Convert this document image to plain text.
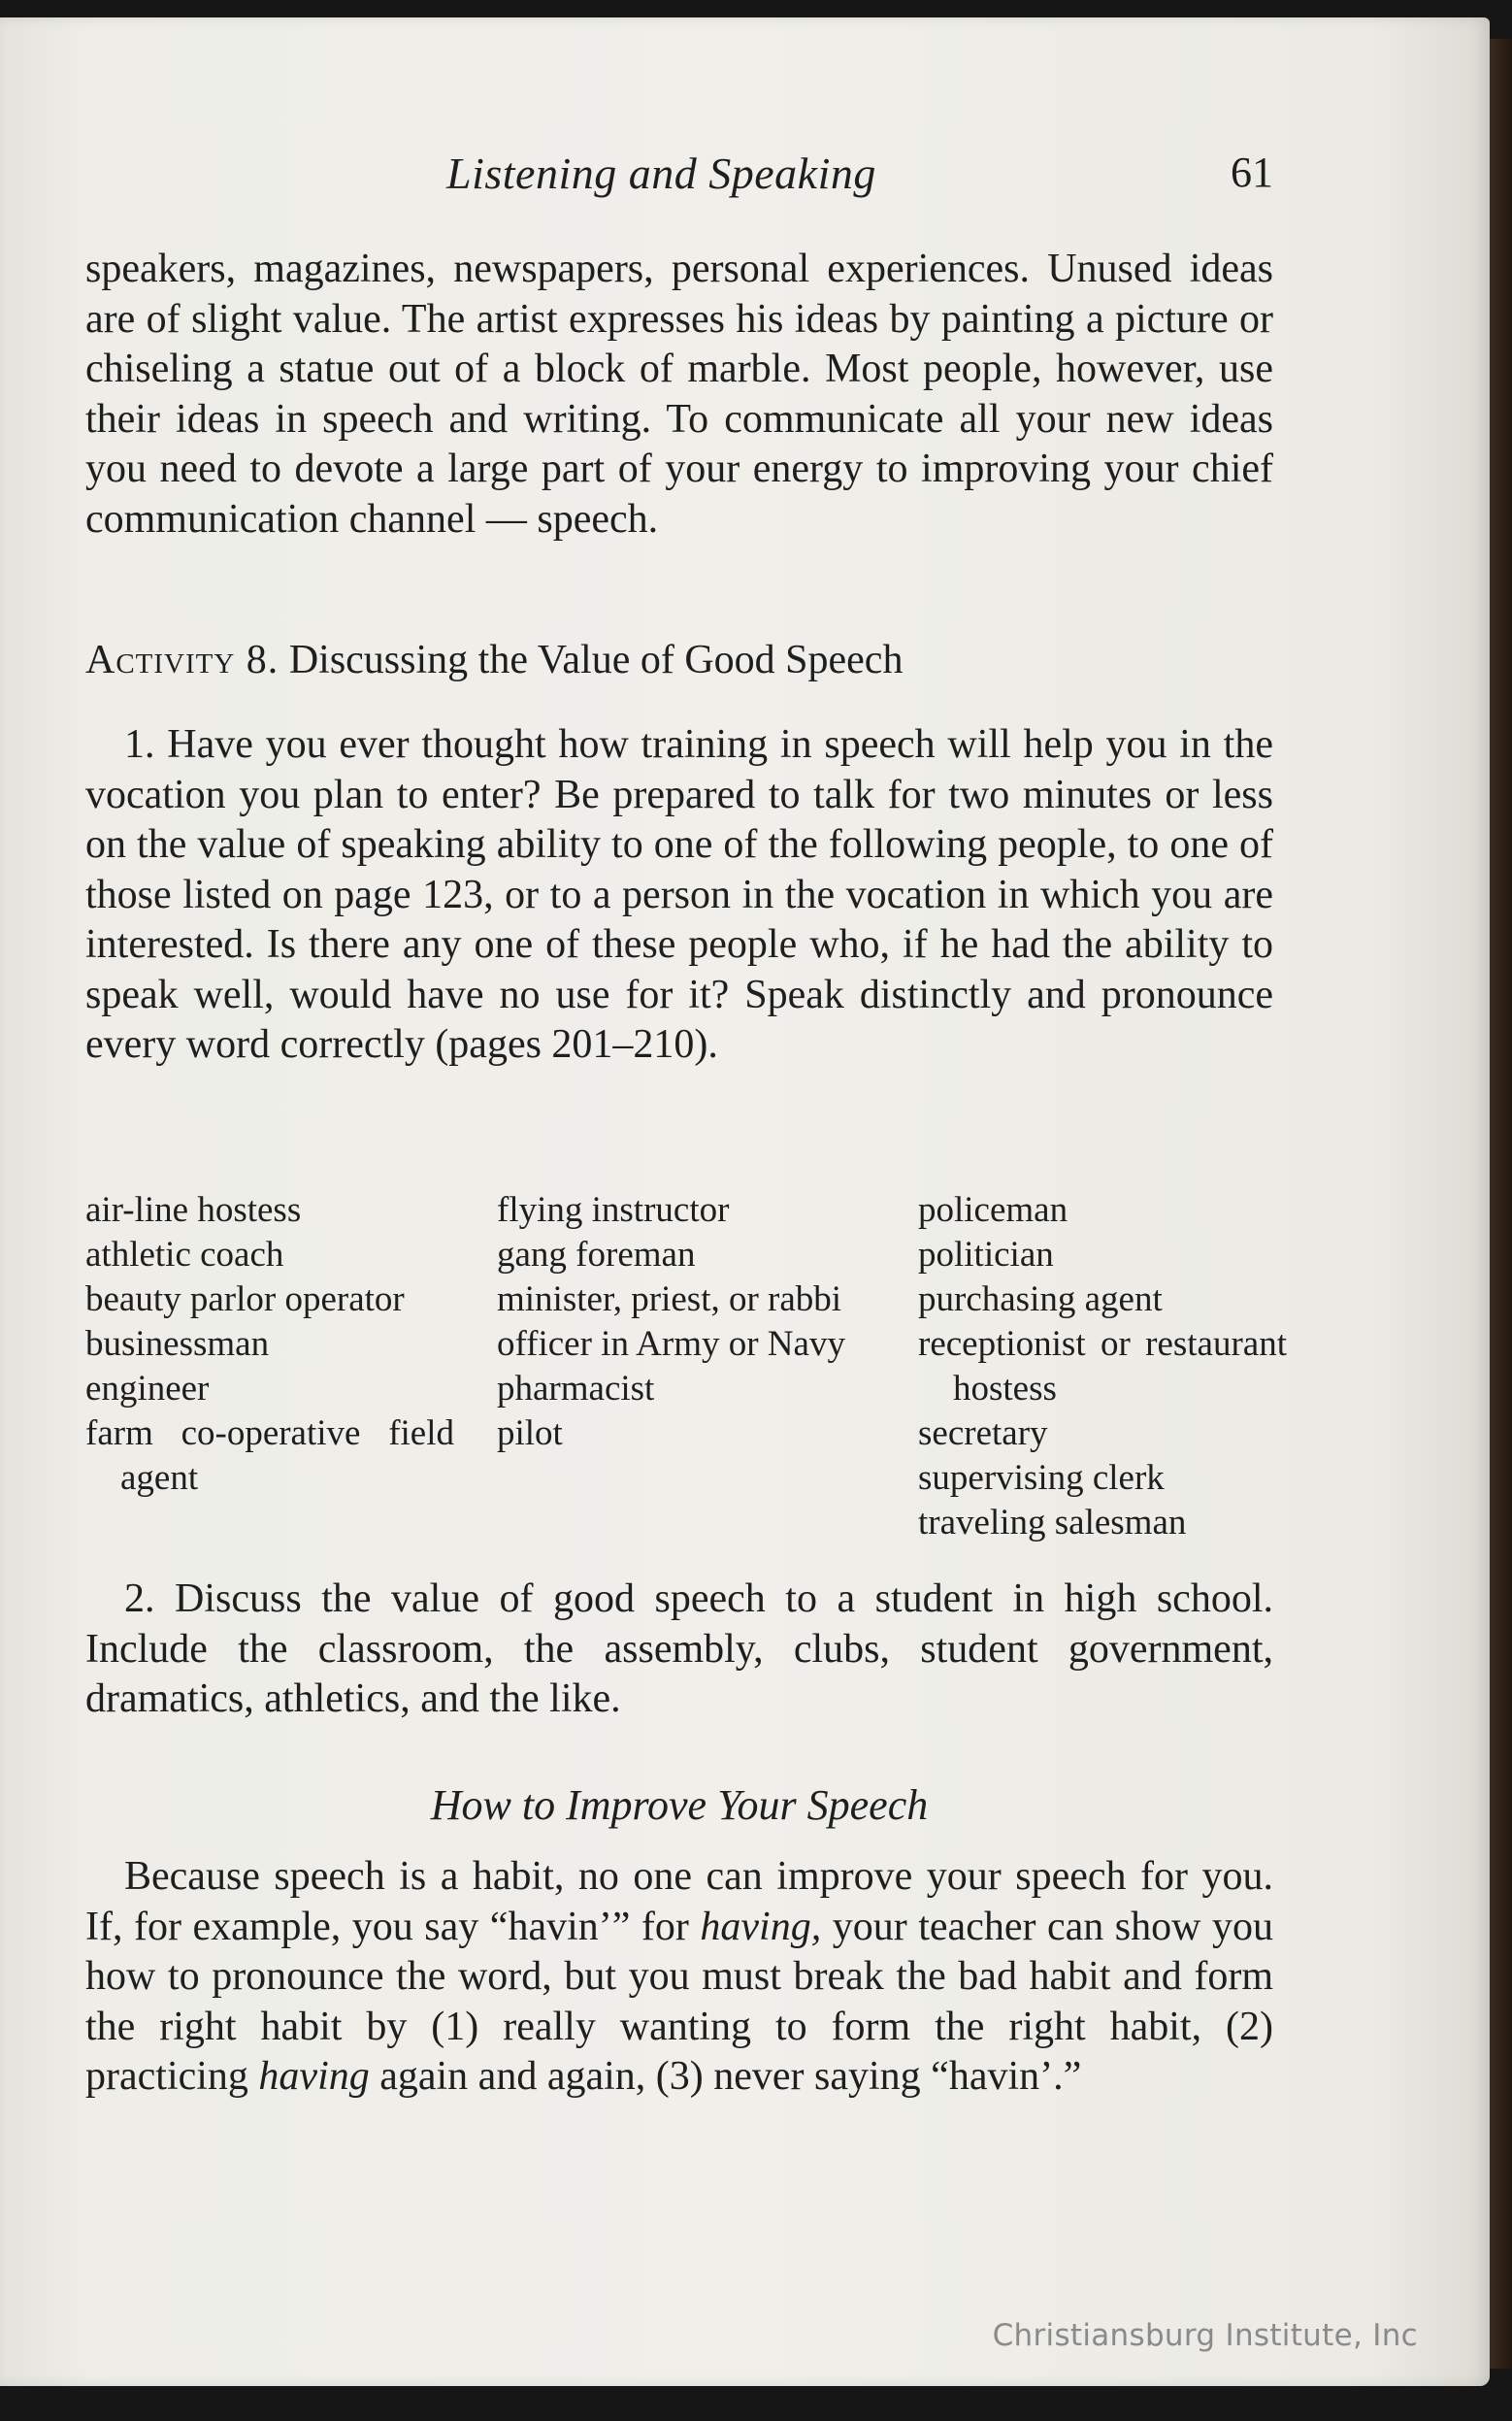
Listening and Speaking	61

speakers, magazines, newspapers, personal experiences. Unused ideas are of slight value. The artist expresses his ideas by painting a picture or chiseling a statue out of a block of marble. Most people, however, use their ideas in speech and writing. To communicate all your new ideas you need to devote a large part of your energy to improving your chief communication channel — speech.

Activity 8. Discussing the Value of Good Speech

1. Have you ever thought how training in speech will help you in the vocation you plan to enter? Be prepared to talk for two minutes or less on the value of speaking ability to one of the following people, to one of those listed on page 123, or to a person in the vocation in which you are interested. Is there any one of these people who, if he had the ability to speak well, would have no use for it? Speak distinctly and pronounce every word correctly (pages 201–210).

air-line hostess
athletic coach
beauty parlor operator
businessman
engineer
farm co-operative field agent
flying instructor
gang foreman
minister, priest, or rabbi
officer in Army or Navy
pharmacist
pilot
policeman
politician
purchasing agent
receptionist or restaurant hostess
secretary
supervising clerk
traveling salesman

2. Discuss the value of good speech to a student in high school. Include the classroom, the assembly, clubs, student government, dramatics, athletics, and the like.

How to Improve Your Speech

Because speech is a habit, no one can improve your speech for you. If, for example, you say “havin’” for having, your teacher can show you how to pronounce the word, but you must break the bad habit and form the right habit by (1) really wanting to form the right habit, (2) practicing having again and again, (3) never saying “havin’.”

Christiansburg Institute, Inc
